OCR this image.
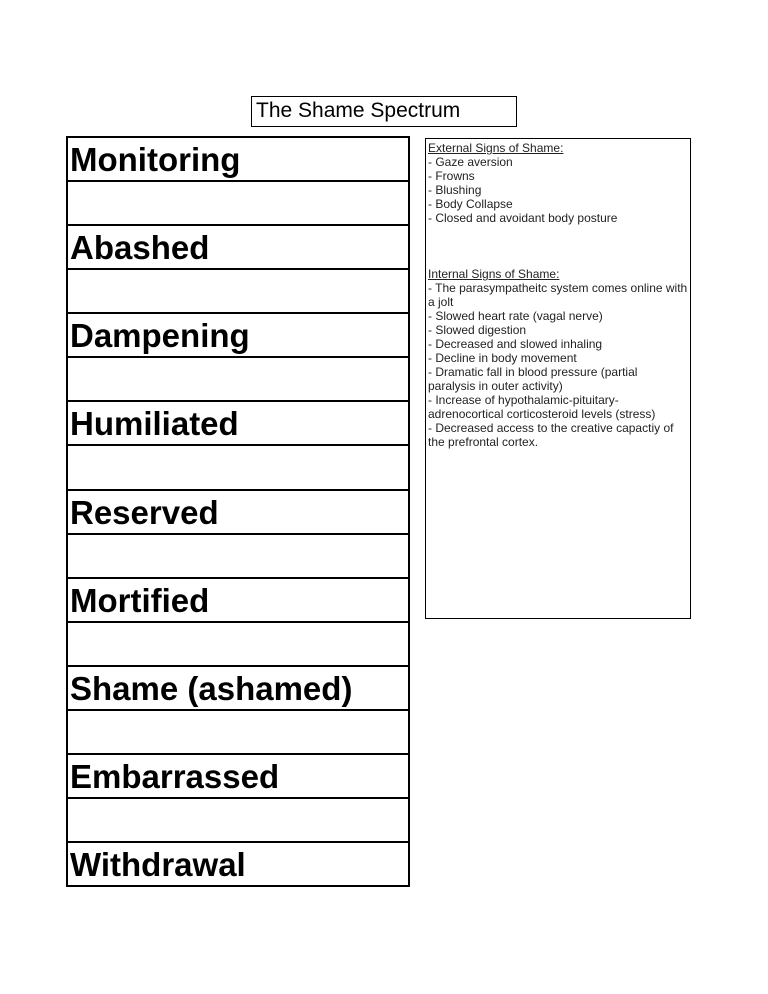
The Shame Spectrum
Monitoring
Abashed
Dampening
Humiliated
Reserved
Mortified
Shame (ashamed)
Embarrassed
Withdrawal
External Signs of Shame:
- Gaze aversion
- Frowns
- Blushing
- Body Collapse
- Closed and avoidant body posture
Internal Signs of Shame:
- The parasympatheitc system comes online with a jolt
- Slowed heart rate (vagal nerve)
- Slowed digestion
- Decreased and slowed inhaling
- Decline in body movement
- Dramatic fall in blood pressure (partial paralysis in outer activity)
- Increase of hypothalamic-pituitary-adrenocortical corticosteroid levels (stress)
- Decreased access to the creative capactiy of the prefrontal cortex.
